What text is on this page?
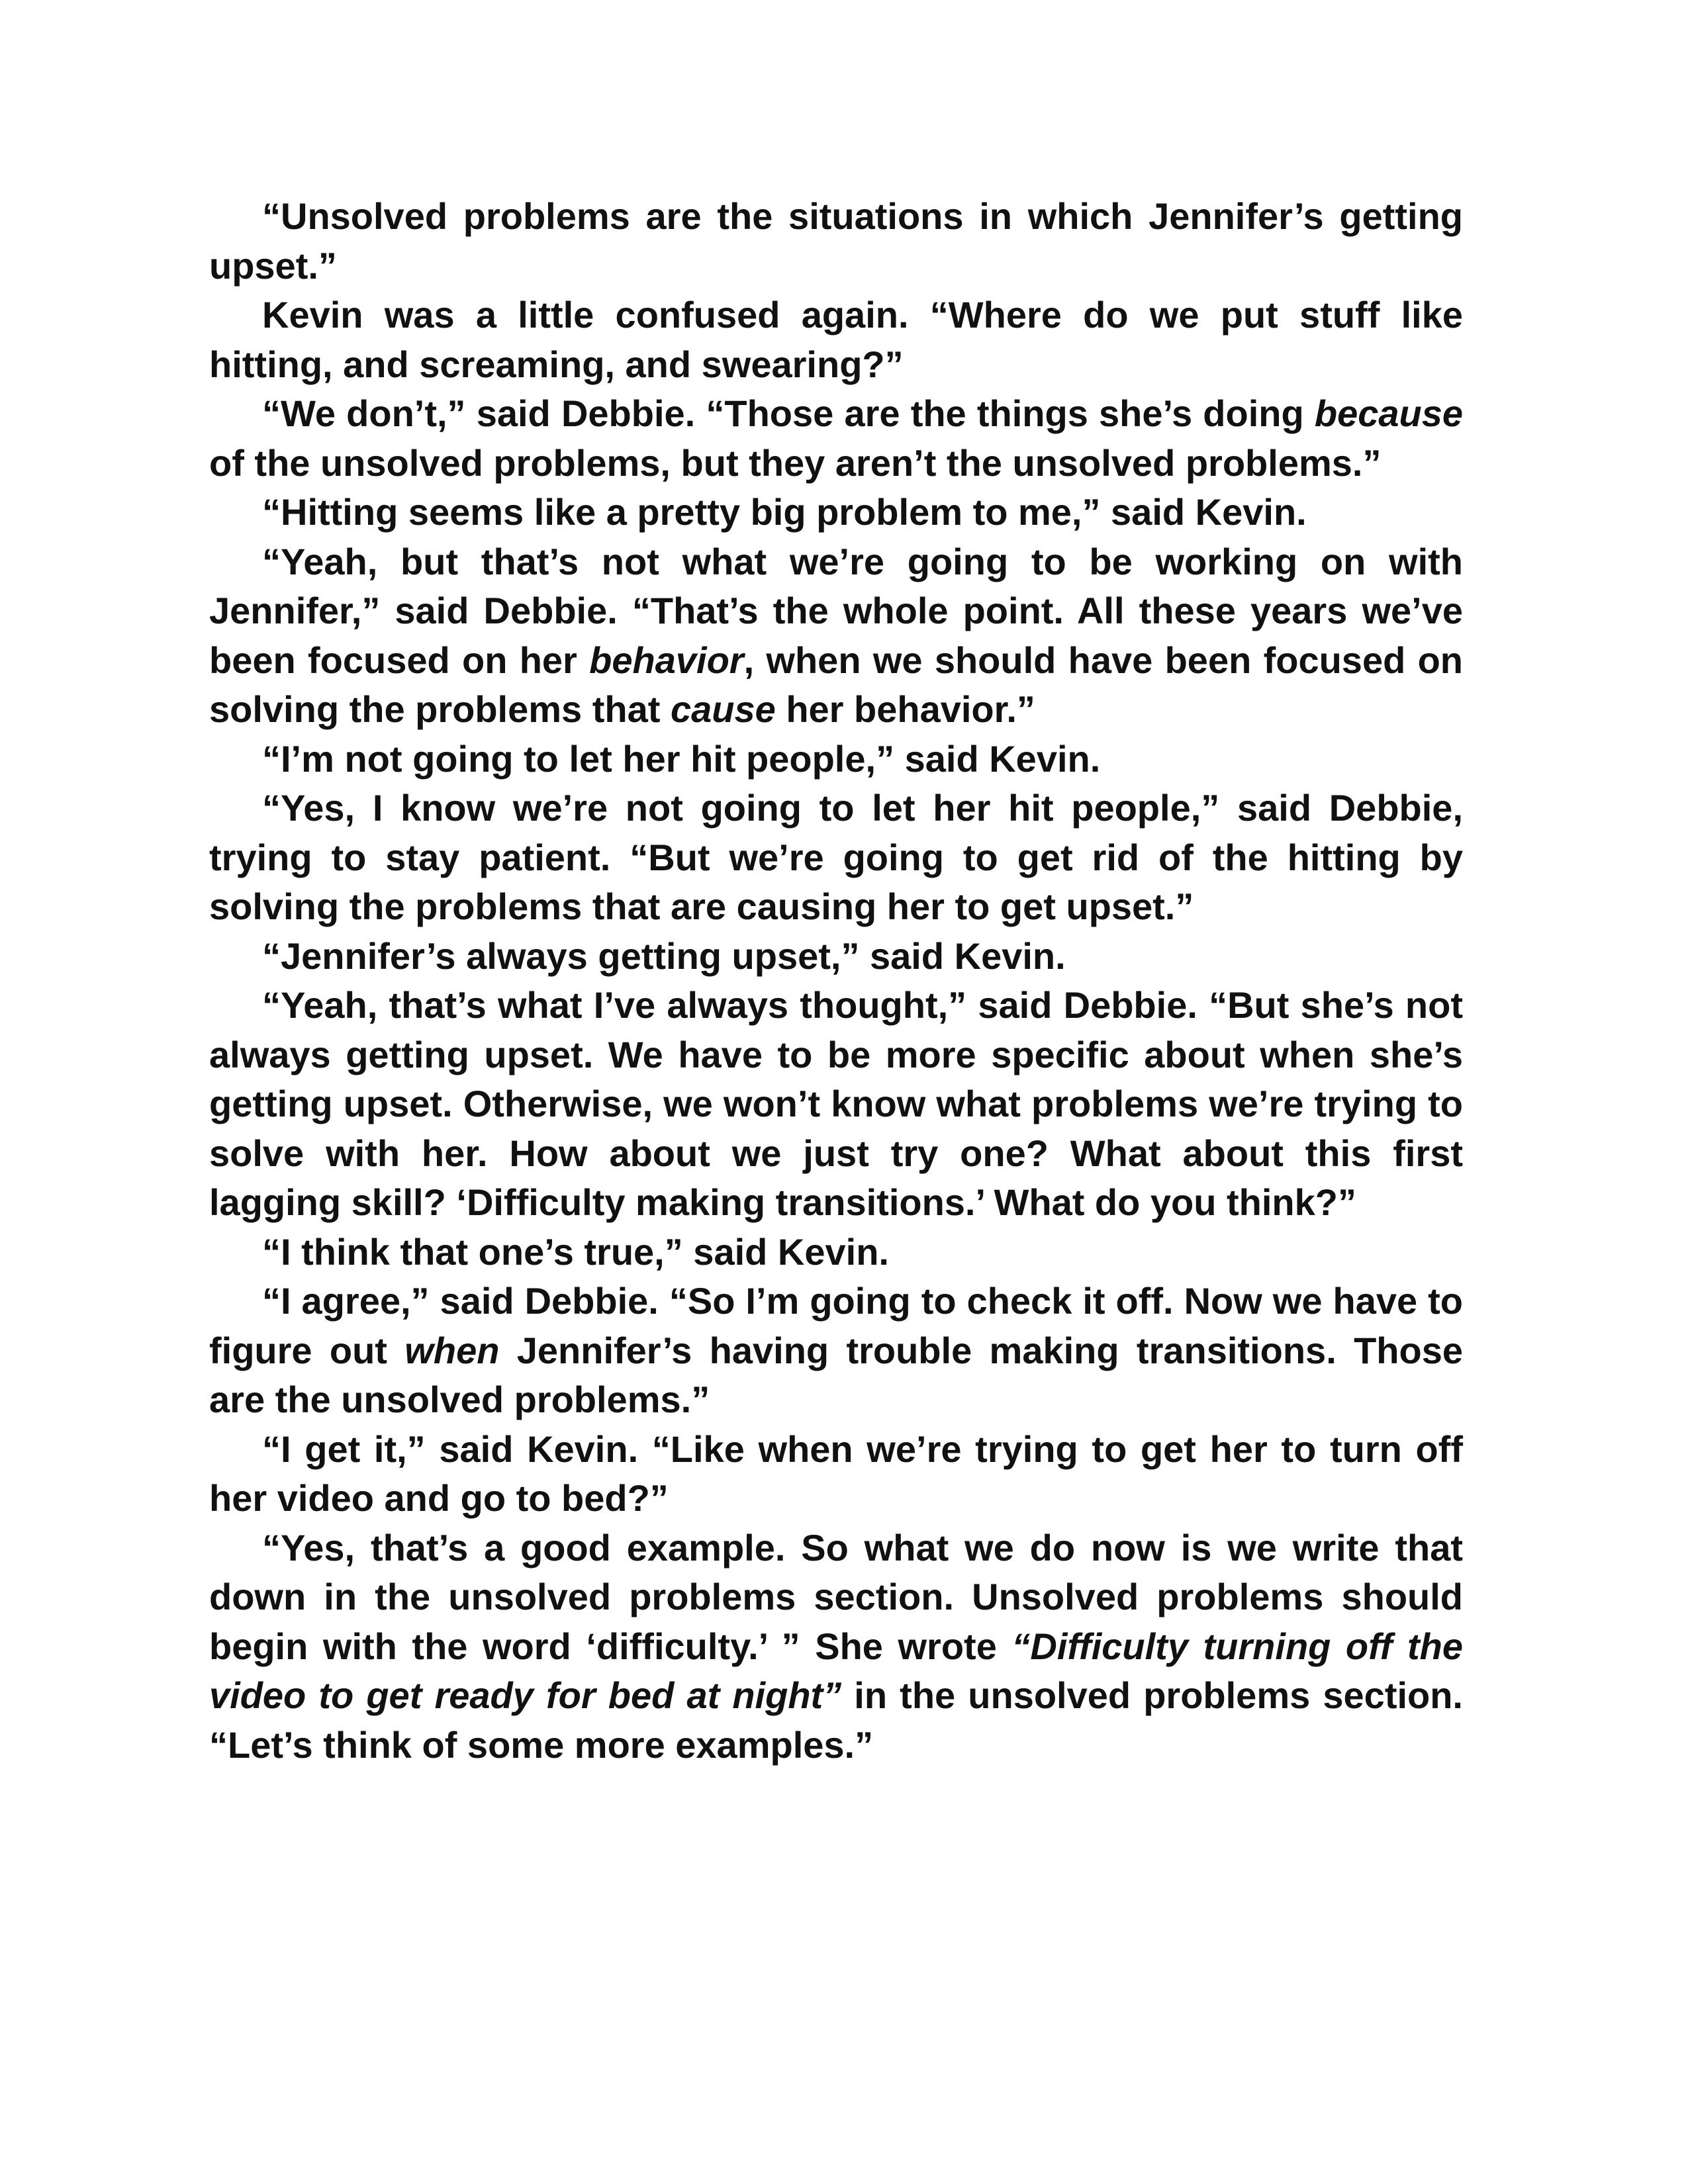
“Unsolved problems are the situations in which Jennifer’s getting upset.”

Kevin was a little confused again. “Where do we put stuff like hitting, and screaming, and swearing?”

“We don’t,” said Debbie. “Those are the things she’s doing because of the unsolved problems, but they aren’t the unsolved problems.”

“Hitting seems like a pretty big problem to me,” said Kevin.

“Yeah, but that’s not what we’re going to be working on with Jennifer,” said Debbie. “That’s the whole point. All these years we’ve been focused on her behavior, when we should have been focused on solving the problems that cause her behavior.”

“I’m not going to let her hit people,” said Kevin.

“Yes, I know we’re not going to let her hit people,” said Debbie, trying to stay patient. “But we’re going to get rid of the hitting by solving the problems that are causing her to get upset.”

“Jennifer’s always getting upset,” said Kevin.

“Yeah, that’s what I’ve always thought,” said Debbie. “But she’s not always getting upset. We have to be more specific about when she’s getting upset. Otherwise, we won’t know what problems we’re trying to solve with her. How about we just try one? What about this first lagging skill? ‘Difficulty making transitions.’ What do you think?”

“I think that one’s true,” said Kevin.

“I agree,” said Debbie. “So I’m going to check it off. Now we have to figure out when Jennifer’s having trouble making transitions. Those are the unsolved problems.”

“I get it,” said Kevin. “Like when we’re trying to get her to turn off her video and go to bed?”

“Yes, that’s a good example. So what we do now is we write that down in the unsolved problems section. Unsolved problems should begin with the word ‘difficulty.’ ” She wrote “Difficulty turning off the video to get ready for bed at night” in the unsolved problems section. “Let’s think of some more examples.”
